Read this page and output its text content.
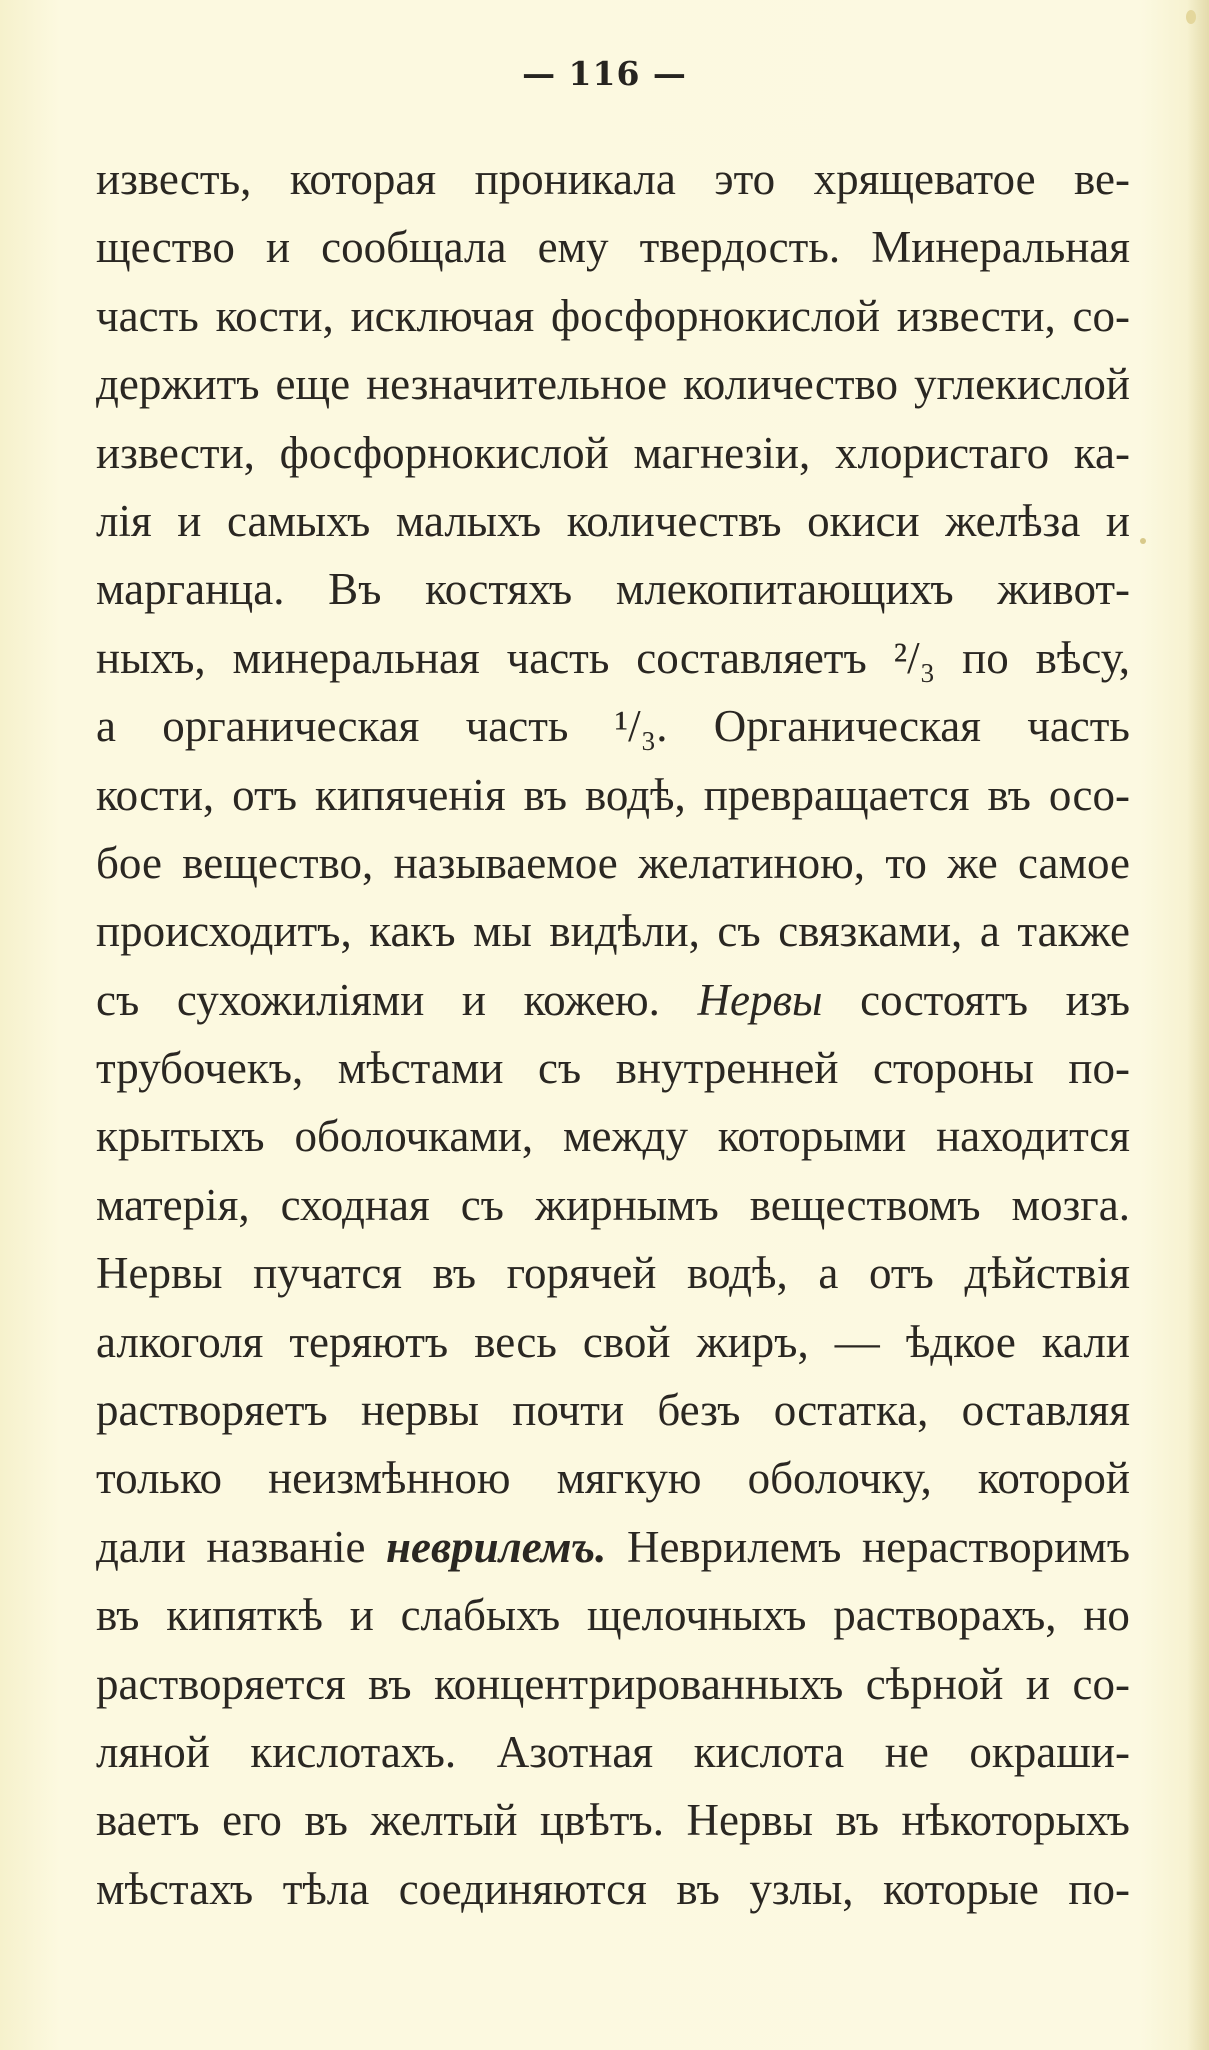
— 116 —
известь, которая проникала это хрящеватое ве-
щество и сообщала ему твердость. Минеральная
часть кости, исключая фосфорнокислой извести, со-
держитъ еще незначительное количество углекислой
извести, фосфорнокислой магнезіи, хлористаго ка-
лія и самыхъ малыхъ количествъ окиси желѣза и
марганца. Въ костяхъ млекопитающихъ живот-
ныхъ, минеральная часть составляетъ ²/₃ по вѣсу,
а органическая часть ¹/₃. Органическая часть
кости, отъ кипяченія въ водѣ, превращается въ осо-
бое вещество, называемое желатиною, то же самое
происходитъ, какъ мы видѣли, съ связками, а также
съ сухожиліями и кожею. Нервы состоятъ изъ
трубочекъ, мѣстами съ внутренней стороны по-
крытыхъ оболочками, между которыми находится
матерія, сходная съ жирнымъ веществомъ мозга.
Нервы пучатся въ горячей водѣ, а отъ дѣйствія
алкоголя теряютъ весь свой жиръ, — ѣдкое кали
растворяетъ нервы почти безъ остатка, оставляя
только неизмѣнною мягкую оболочку, которой
дали названіе неврилемъ. Неврилемъ нерастворимъ
въ кипяткѣ и слабыхъ щелочныхъ растворахъ, но
растворяется въ концентрированныхъ сѣрной и со-
ляной кислотахъ. Азотная кислота не окраши-
ваетъ его въ желтый цвѣтъ. Нервы въ нѣкоторыхъ
мѣстахъ тѣла соединяются въ узлы, которые по-
